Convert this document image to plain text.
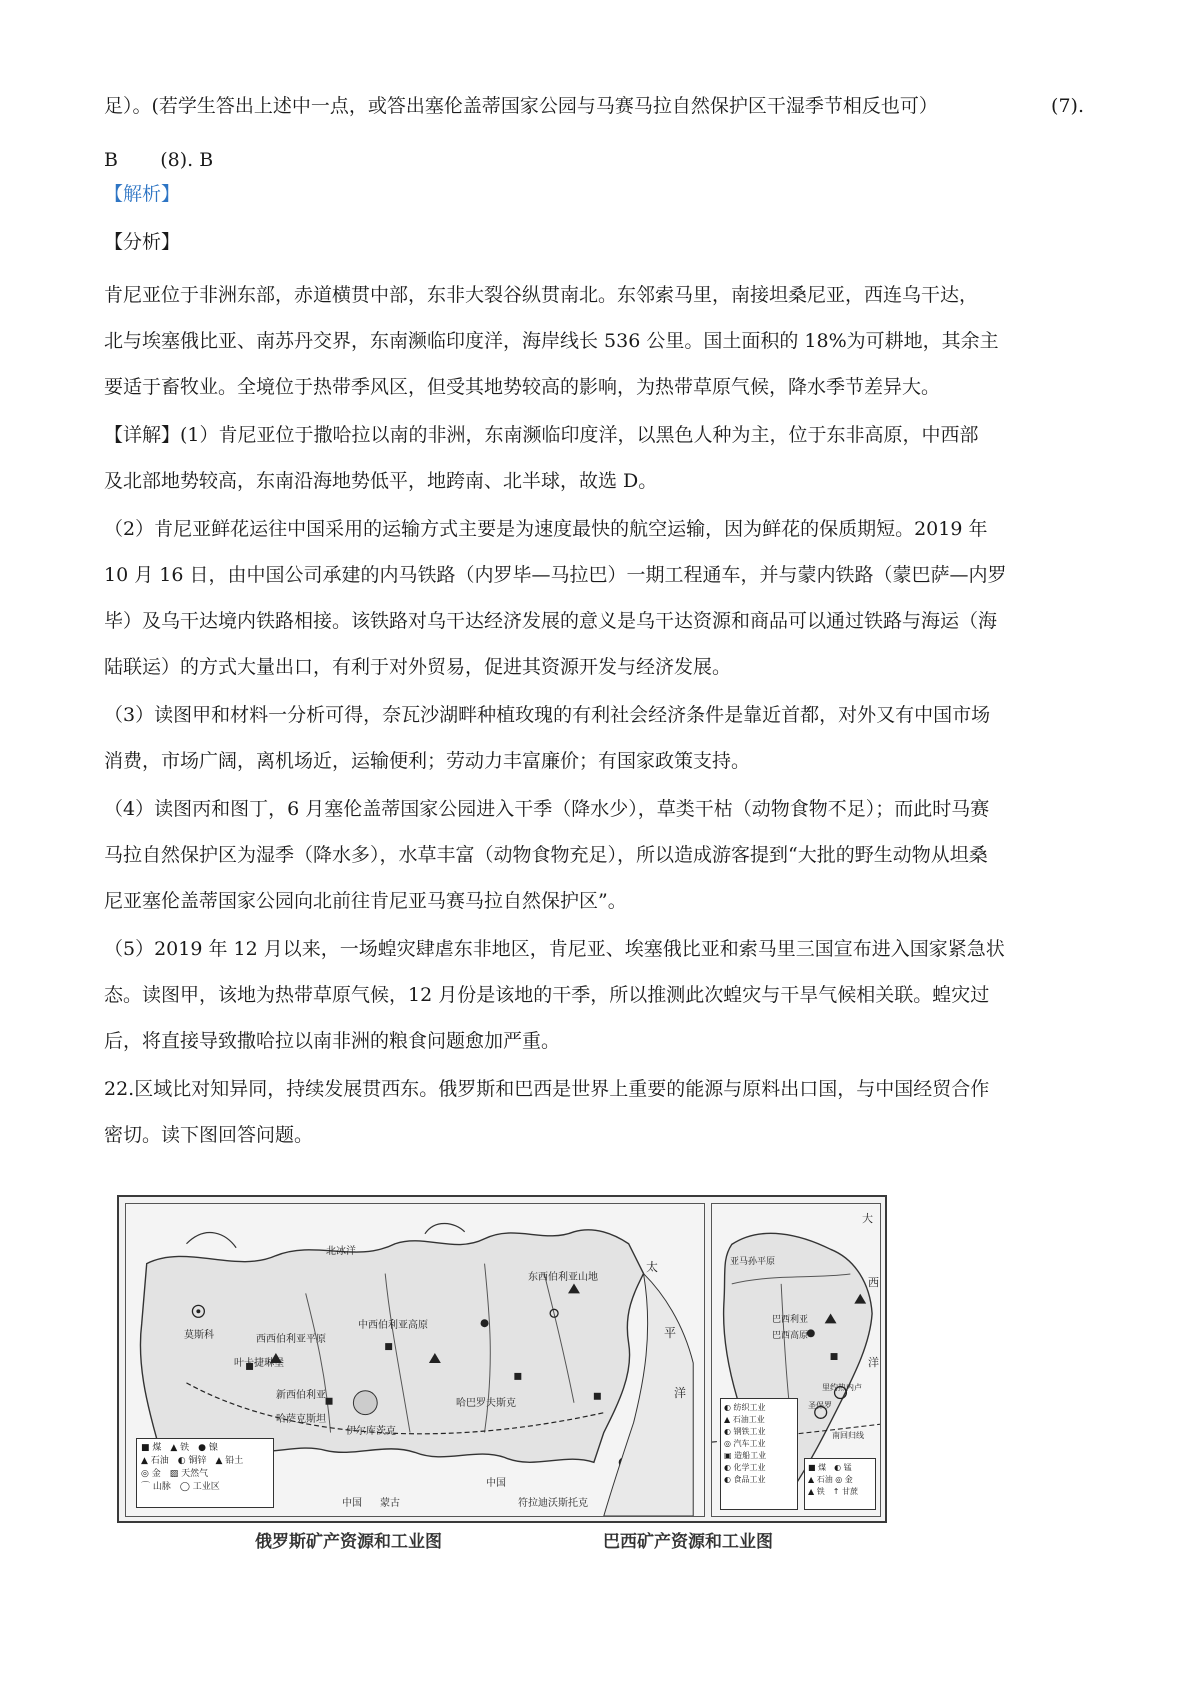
足）。(若学生答出上述中一点，或答出塞伦盖蒂国家公园与马赛马拉自然保护区干湿季节相反也可）	(7).
B       (8). B
【解析】
【分析】
肯尼亚位于非洲东部，赤道横贯中部，东非大裂谷纵贯南北。东邻索马里，南接坦桑尼亚，西连乌干达，
北与埃塞俄比亚、南苏丹交界，东南濒临印度洋，海岸线长 536 公里。国土面积的 18%为可耕地，其余主
要适于畜牧业。全境位于热带季风区，但受其地势较高的影响，为热带草原气候，降水季节差异大。
【详解】(1）肯尼亚位于撒哈拉以南的非洲，东南濒临印度洋，以黑色人种为主，位于东非高原，中西部
及北部地势较高，东南沿海地势低平，地跨南、北半球，故选 D。
（2）肯尼亚鲜花运往中国采用的运输方式主要是为速度最快的航空运输，因为鲜花的保质期短。2019 年
10 月 16 日，由中国公司承建的内马铁路（内罗毕—马拉巴）一期工程通车，并与蒙内铁路（蒙巴萨—内罗
毕）及乌干达境内铁路相接。该铁路对乌干达经济发展的意义是乌干达资源和商品可以通过铁路与海运（海
陆联运）的方式大量出口，有利于对外贸易，促进其资源开发与经济发展。
（3）读图甲和材料一分析可得，奈瓦沙湖畔种植玫瑰的有利社会经济条件是靠近首都，对外又有中国市场
消费，市场广阔，离机场近，运输便利；劳动力丰富廉价；有国家政策支持。
（4）读图丙和图丁，6 月塞伦盖蒂国家公园进入干季（降水少），草类干枯（动物食物不足）；而此时马赛
马拉自然保护区为湿季（降水多），水草丰富（动物食物充足），所以造成游客提到“大批的野生动物从坦桑
尼亚塞伦盖蒂国家公园向北前往肯尼亚马赛马拉自然保护区”。
（5）2019 年 12 月以来，一场蝗灾肆虐东非地区，肯尼亚、埃塞俄比亚和索马里三国宣布进入国家紧急状
态。读图甲，该地为热带草原气候，12 月份是该地的干季，所以推测此次蝗灾与干旱气候相关联。蝗灾过
后，将直接导致撒哈拉以南非洲的粮食问题愈加严重。
22.区域比对知异同，持续发展贯西东。俄罗斯和巴西是世界上重要的能源与原料出口国，与中国经贸合作
密切。读下图回答问题。
北冰洋
东西伯利亚山地
中西伯利亚高原
西西伯利亚平原
莫斯科
叶卡捷琳堡
新西伯利亚
哈萨克斯坦
伊尔库茨克
蒙古
中国
中国
哈巴罗夫斯克
符拉迪沃斯托克
太
平
洋
■ 煤　▲ 铁　● 镍
▲ 石油　◐ 铜锌　▲ 铅土
◎ 金　▨ 天然气
⌒ 山脉　◯ 工业区
大
西
洋
亚马孙平原
巴西利亚
巴西高原
里约热内卢
圣保罗
南回归线
◐ 纺织工业
▲ 石油工业
◐ 钢铁工业
◎ 汽车工业
▣ 造船工业
◐ 化学工业
◐ 食品工业
■ 煤　◐ 锰
▲ 石油 ◎ 金
▲ 铁　↑ 甘蔗
俄罗斯矿产资源和工业图	巴西矿产资源和工业图
